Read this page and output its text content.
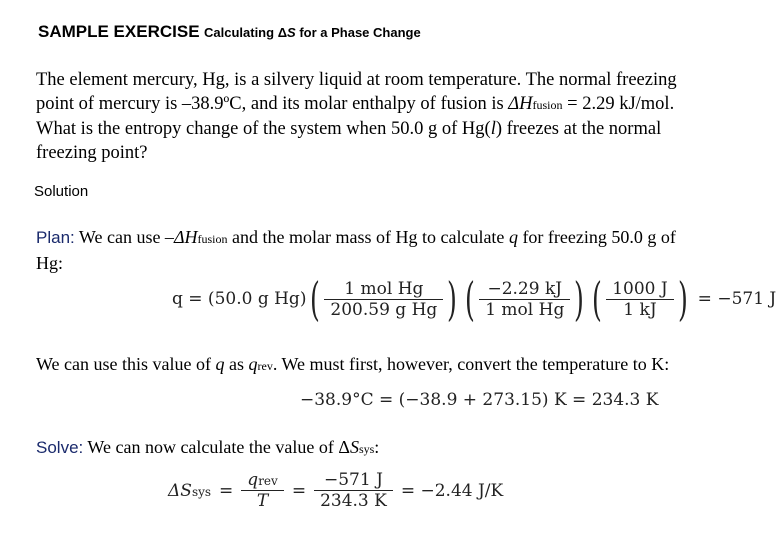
SAMPLE EXERCISE Calculating ΔS for a Phase Change
The element mercury, Hg, is a silvery liquid at room temperature. The normal freezing point of mercury is –38.9ºC, and its molar enthalpy of fusion is ΔHfusion = 2.29 kJ/mol. What is the entropy change of the system when 50.0 g of Hg(l) freezes at the normal freezing point?
Solution
Plan: We can use –ΔHfusion and the molar mass of Hg to calculate q for freezing 50.0 g of Hg:
q = (50.0 g Hg) (	1 mol Hg
200.59 g Hg ) ( −2.29 kJ
1 mol Hg ) ( 1000 J
1 kJ ) = −571 J
We can use this value of q as qrev. We must first, however, convert the temperature to K:
−38.9°C = (−38.9 + 273.15) K = 234.3 K
Solve: We can now calculate the value of ΔSsys:
ΔSsys =
qrev
T
= $\frac{-571 J}{234.3 K} = -2.44$ J/K
